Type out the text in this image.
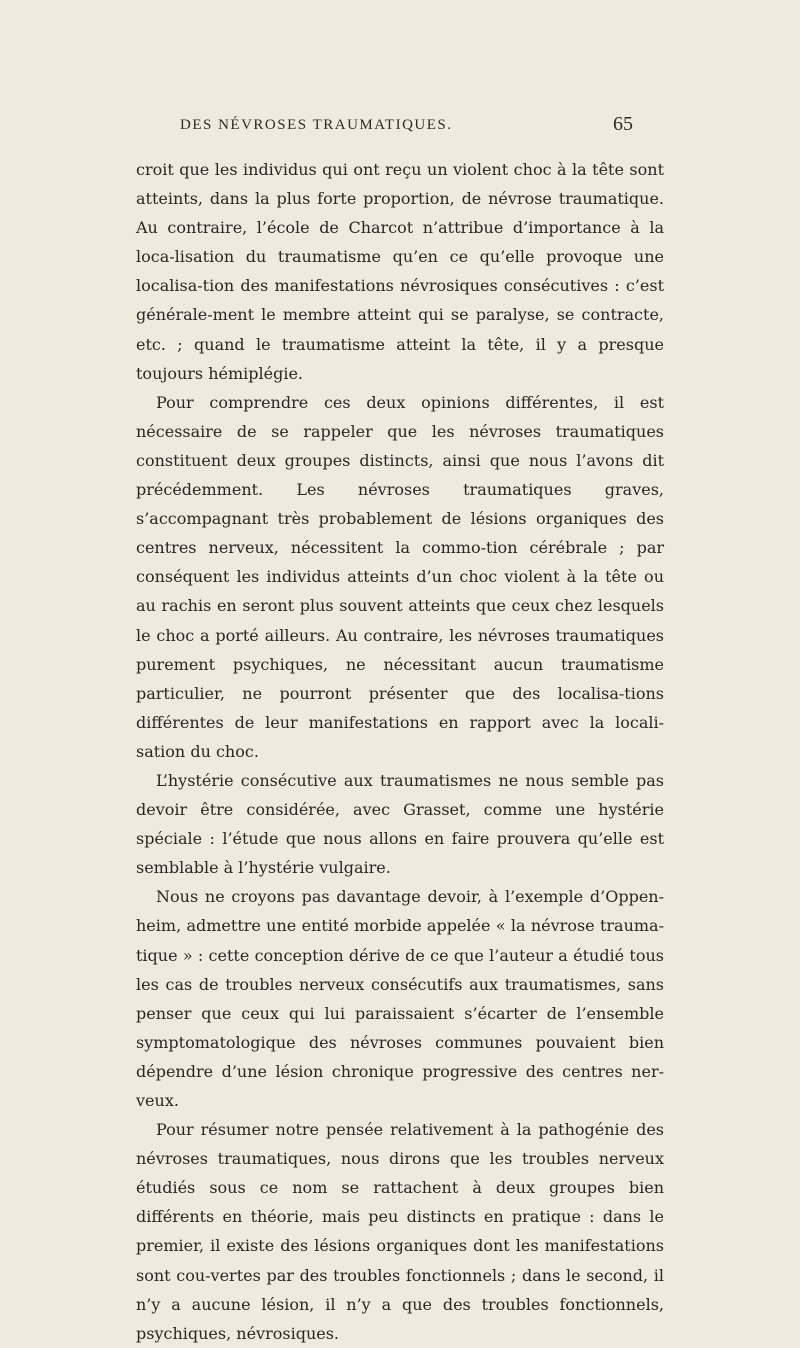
DES NÉVROSES TRAUMATIQUES.	65

croit que les individus qui ont reçu un violent choc à la tête sont atteints, dans la plus forte proportion, de névrose traumatique. Au contraire, l’école de Charcot n’attribue d’importance à la loca-lisation du traumatisme qu’en ce qu’elle provoque une localisa-tion des manifestations névrosiques consécutives : c’est générale-ment le membre atteint qui se paralyse, se contracte, etc. ; quand le traumatisme atteint la tête, il y a presque toujours hémiplégie.

Pour comprendre ces deux opinions différentes, il est nécessaire de se rappeler que les névroses traumatiques constituent deux groupes distincts, ainsi que nous l’avons dit précédemment. Les névroses traumatiques graves, s’accompagnant très probablement de lésions organiques des centres nerveux, nécessitent la commo-tion cérébrale ; par conséquent les individus atteints d’un choc violent à la tête ou au rachis en seront plus souvent atteints que ceux chez lesquels le choc a porté ailleurs. Au contraire, les névroses traumatiques purement psychiques, ne nécessitant aucun traumatisme particulier, ne pourront présenter que des localisa-tions différentes de leur manifestations en rapport avec la locali-sation du choc.

L’hystérie consécutive aux traumatismes ne nous semble pas devoir être considérée, avec Grasset, comme une hystérie spéciale : l’étude que nous allons en faire prouvera qu’elle est semblable à l’hystérie vulgaire.

Nous ne croyons pas davantage devoir, à l’exemple d’Oppen-heim, admettre une entité morbide appelée « la névrose trauma-tique » : cette conception dérive de ce que l’auteur a étudié tous les cas de troubles nerveux consécutifs aux traumatismes, sans penser que ceux qui lui paraissaient s’écarter de l’ensemble symptomatologique des névroses communes pouvaient bien dépendre d’une lésion chronique progressive des centres ner-veux.

Pour résumer notre pensée relativement à la pathogénie des névroses traumatiques, nous dirons que les troubles nerveux étudiés sous ce nom se rattachent à deux groupes bien différents en théorie, mais peu distincts en pratique : dans le premier, il existe des lésions organiques dont les manifestations sont cou-vertes par des troubles fonctionnels ; dans le second, il n’y a aucune lésion, il n’y a que des troubles fonctionnels, psychiques, névrosiques.
